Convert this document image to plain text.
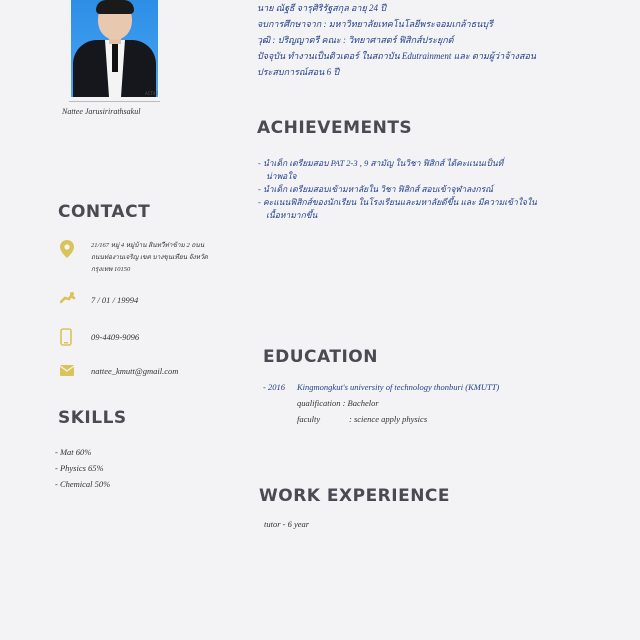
ACT42
Nattee Jarusirirathsakul
นาย ณัฐธี จารุศิริรัฐสกุล อายุ 24 ปี
จบการศึกษาจาก : มหาวิทยาลัยเทคโนโลยีพระจอมเกล้าธนบุรี
วุฒิ : ปริญญาตรี คณะ : วิทยาศาสตร์ ฟิสิกส์ประยุกต์
ปัจจุบัน ทำงานเป็นติวเตอร์ ในสถาบัน Edutrainment และ ตามผู้ว่าจ้างสอน
ประสบการณ์สอน 6 ปี
ACHIEVEMENTS
- นำเด็ก เตรียมสอบ PAT 2-3 , 9 สามัญ ในวิชา ฟิสิกส์ ได้คะแนนเป็นที่
น่าพอใจ
- นำเด็ก เตรียมสอบเข้ามหาลัยใน วิชา ฟิสิกส์ สอบเข้าจุฬาลงกรณ์
- คะแนนฟิสิกส์ของนักเรียน ในโรงเรียนและมหาลัยดีขึ้น และ มีความเข้าใจใน
เนื้อหามากขึ้น
CONTACT
21/167 หมู่ 4 หมู่บ้าน สินทวีท่าข้าม 2 ถนน
ถนนท่องานเจริญ เขต บางขุนเทียน จังหวัด
กรุงเทพ 10150
7 / 01 / 19994
09-4409-9096
nattee_kmutt@gmail.com
SKILLS
- Mat 60%
- Physics 65%
- Chemical 50%
EDUCATION
- 2016 Kingmongkut's university of technology thonburi (KMUTT)
qualification : Bachelor
faculty	: science apply physics
WORK EXPERIENCE
tutor - 6 year
